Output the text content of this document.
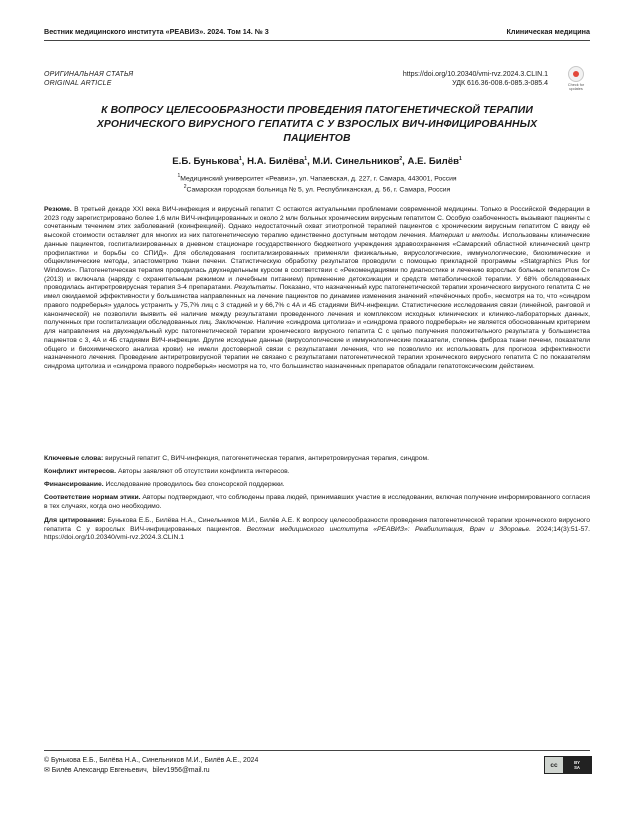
Вестник медицинского института «РЕАВИЗ». 2024. Том 14. № 3	Клиническая медицина
ОРИГИНАЛЬНАЯ СТАТЬЯ
ORIGINAL ARTICLE
https://doi.org/10.20340/vmi-rvz.2024.3.CLIN.1
УДК 616.36-008.6-085.3-085.4	Check for
updates
К ВОПРОСУ ЦЕЛЕСООБРАЗНОСТИ ПРОВЕДЕНИЯ ПАТОГЕНЕТИЧЕСКОЙ ТЕРАПИИ ХРОНИЧЕСКОГО ВИРУСНОГО ГЕПАТИТА С У ВЗРОСЛЫХ ВИЧ-ИНФИЦИРОВАННЫХ ПАЦИЕНТОВ
Е.Б. Бунькова$^1$, Н.А. Билёва$^1$, М.И. Синельников$^2$, А.Е. Билёв$^1$
$^1$Медицинский университет «Реавиз», ул. Чапаевская, д. 227, г. Самара, 443001, Россия
$^2$Самарская городская больница № 5, ул. Республиканская, д. 56, г. Самара, Россия
Резюме. В третьей декаде XXI века ВИЧ-инфекция и вирусный гепатит С остаются актуальными проблемами современной медицины. Только в Российской Федерации в 2023 году зарегистрировано более 1,6 млн ВИЧ-инфицированных и около 2 млн больных хроническим вирусным гепатитом С. Особую озабоченность вызывают пациенты с сочетанным течением этих заболеваний (коинфекцией). Однако недостаточный охват этиотропной терапией пациентов с хроническим вирусным гепатитом С ввиду её высокой стоимости оставляет для многих из них патогенетическую терапию единственно доступным методом лечения. Материал и методы. Использованы клинические данные пациентов, госпитализированных в дневном стационаре государственного бюджетного учреждения здравоохранения «Самарский областной клинический центр профилактики и борьбы со СПИД». Для обследования госпитализированных применяли физикальные, вирусологические, иммунологические, биохимические и общеклинические методы, эластометрию ткани печени. Статистическую обработку результатов проводили с помощью прикладной программы «Statgraphics Plus for Windows». Патогенетическая терапия проводилась двухнедельным курсом в соответствии с «Рекомендациями по диагностике и лечению взрослых больных гепатитом С» (2013) и включала (наряду с охранительным режимом и лечебным питанием) применение детоксикации и средств метаболической терапии. У 68% обследованных проводилась антиретровирусная терапия 3-4 препаратами. Результаты. Показано, что назначенный курс патогенетической терапии хронического вирусного гепатита С не имел ожидаемой эффективности у большинства направленных на лечение пациентов по динамике изменения значений «печёночных проб», несмотря на то, что «синдром правого подреберья» удалось устранить у 75,7% лиц с 3 стадией и у 66,7% с 4А и 4Б стадиями ВИЧ-инфекции. Статистические исследования связи (линейной, ранговой и канонической) не позволили выявить её наличие между результатами проведенного лечения и комплексом исходных клинических и клинико-лабораторных данных, полученных при госпитализации обследованных лиц. Заключение. Наличие «синдрома цитолиза» и «синдрома правого подреберья» не является обоснованным критерием для направления на двухнедельный курс патогенетической терапии хронического вирусного гепатита С с целью получения положительного результата у большинства пациентов с 3, 4А и 4Б стадиями ВИЧ-инфекции. Другие исходные данные (вирусологические и иммунологические показатели, степень фиброза ткани печени, показатели общего и биохимического анализа крови) не имели достоверной связи с результатами лечения, что не позволило их использовать для прогноза эффективности назначенного лечения. Проведение антиретровирусной терапии не связано с результатами патогенетической терапии хронического вирусного гепатита С по показателям синдрома цитолиза и «синдрома правого подреберья» несмотря на то, что большинство назначенных препаратов обладали гепатотоксическим действием.
Ключевые слова: вирусный гепатит С, ВИЧ-инфекция, патогенетическая терапия, антиретровирусная терапия, синдром.
Конфликт интересов. Авторы заявляют об отсутствии конфликта интересов.
Финансирование. Исследование проводилось без спонсорской поддержки.
Соответствие нормам этики. Авторы подтверждают, что соблюдены права людей, принимавших участие в исследовании, включая получение информированного согласия в тех случаях, когда оно необходимо.
Для цитирования: Бунькова Е.Б., Билёва Н.А., Синельников М.И., Билёв А.Е. К вопросу целесообразности проведения патогенетической терапии хронического вирусного гепатита С у взрослых ВИЧ-инфицированных пациентов. Вестник медицинского института «РЕАВИЗ»: Реабилитация, Врач и Здоровье. 2024;14(3):51-57. https://doi.org/10.20340/vmi-rvz.2024.3.CLIN.1
© Бунькова Е.Б., Билёва Н.А., Синельников М.И., Билёв А.Е., 2024
✉ Билёв Александр Евгеньевич, bilev1956@mail.ru
cc	BY
SA
